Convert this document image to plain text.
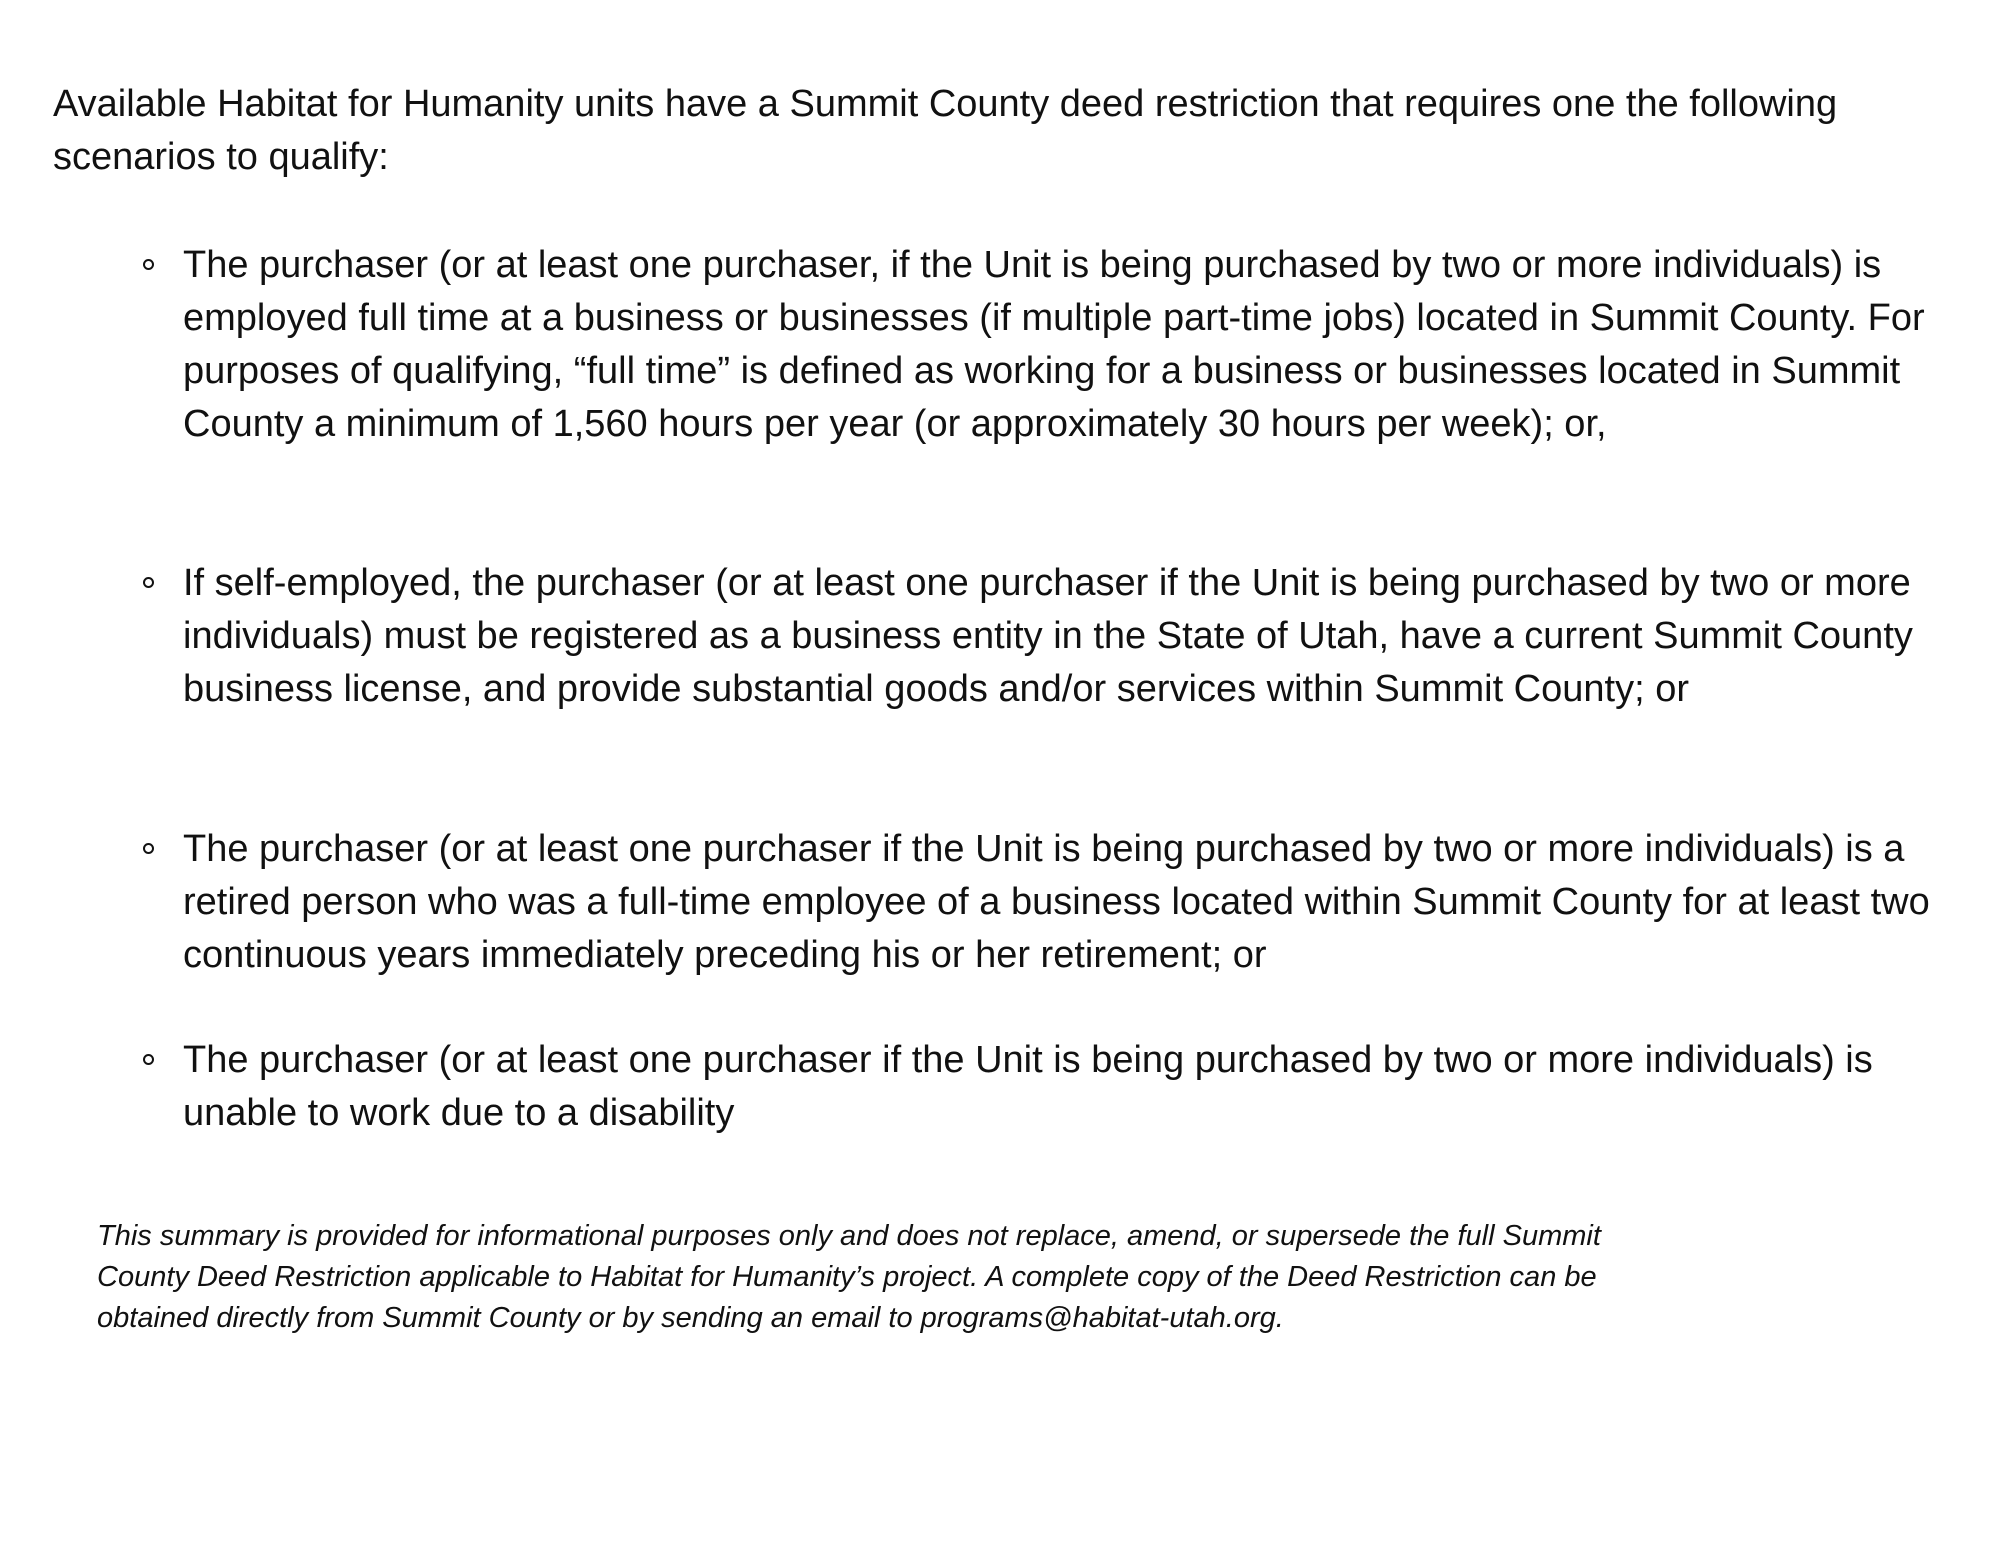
Available Habitat for Humanity units have a Summit County deed restriction that requires one the following scenarios to qualify:

The purchaser (or at least one purchaser, if the Unit is being purchased by two or more individuals) is employed full time at a business or businesses (if multiple part-time jobs) located in Summit County. For purposes of qualifying, “full time” is defined as working for a business or businesses located in Summit County a minimum of 1,560 hours per year (or approximately 30 hours per week); or,

If self-employed, the purchaser (or at least one purchaser if the Unit is being purchased by two or more individuals) must be registered as a business entity in the State of Utah, have a current Summit County business license, and provide substantial goods and/or services within Summit County; or

The purchaser (or at least one purchaser if the Unit is being purchased by two or more individuals) is a retired person who was a full-time employee of a business located within Summit County for at least two continuous years immediately preceding his or her retirement; or

The purchaser (or at least one purchaser if the Unit is being purchased by two or more individuals) is unable to work due to a disability

This summary is provided for informational purposes only and does not replace, amend, or supersede the full Summit County Deed Restriction applicable to Habitat for Humanity’s project. A complete copy of the Deed Restriction can be obtained directly from Summit County or by sending an email to programs@habitat-utah.org.
